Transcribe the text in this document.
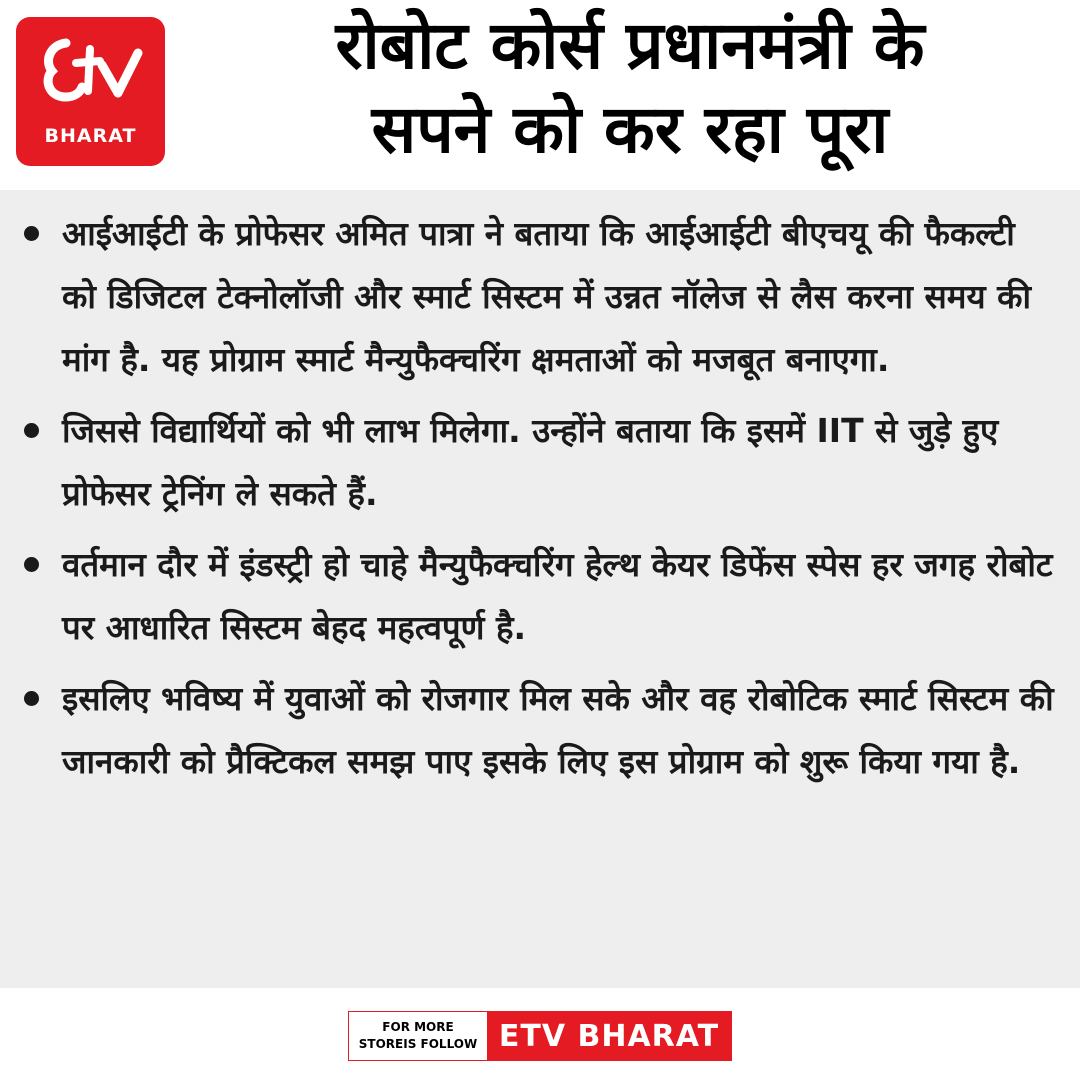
BHARAT
रोबोट कोर्स प्रधानमंत्री के
सपने को कर रहा पूरा
आईआईटी के प्रोफेसर अमित पात्रा ने बताया कि आईआईटी बीएचयू की फैकल्टी को डिजिटल टेक्नोलॉजी और स्मार्ट सिस्टम में उन्नत नॉलेज से लैस करना समय की मांग है. यह प्रोग्राम स्मार्ट मैन्युफैक्चरिंग क्षमताओं को मजबूत बनाएगा.
जिससे विद्यार्थियों को भी लाभ मिलेगा. उन्होंने बताया कि इसमें IIT से जुड़े हुए प्रोफेसर ट्रेनिंग ले सकते हैं.
वर्तमान दौर में इंडस्ट्री हो चाहे मैन्युफैक्चरिंग हेल्थ केयर डिफेंस स्पेस हर जगह रोबोट पर आधारित सिस्टम बेहद महत्वपूर्ण है.
इसलिए भविष्य में युवाओं को रोजगार मिल सके और वह रोबोटिक स्मार्ट सिस्टम की जानकारी को प्रैक्टिकल समझ पाए इसके लिए इस प्रोग्राम को शुरू किया गया है.
FOR MORE
STOREIS FOLLOW ETV BHARAT
